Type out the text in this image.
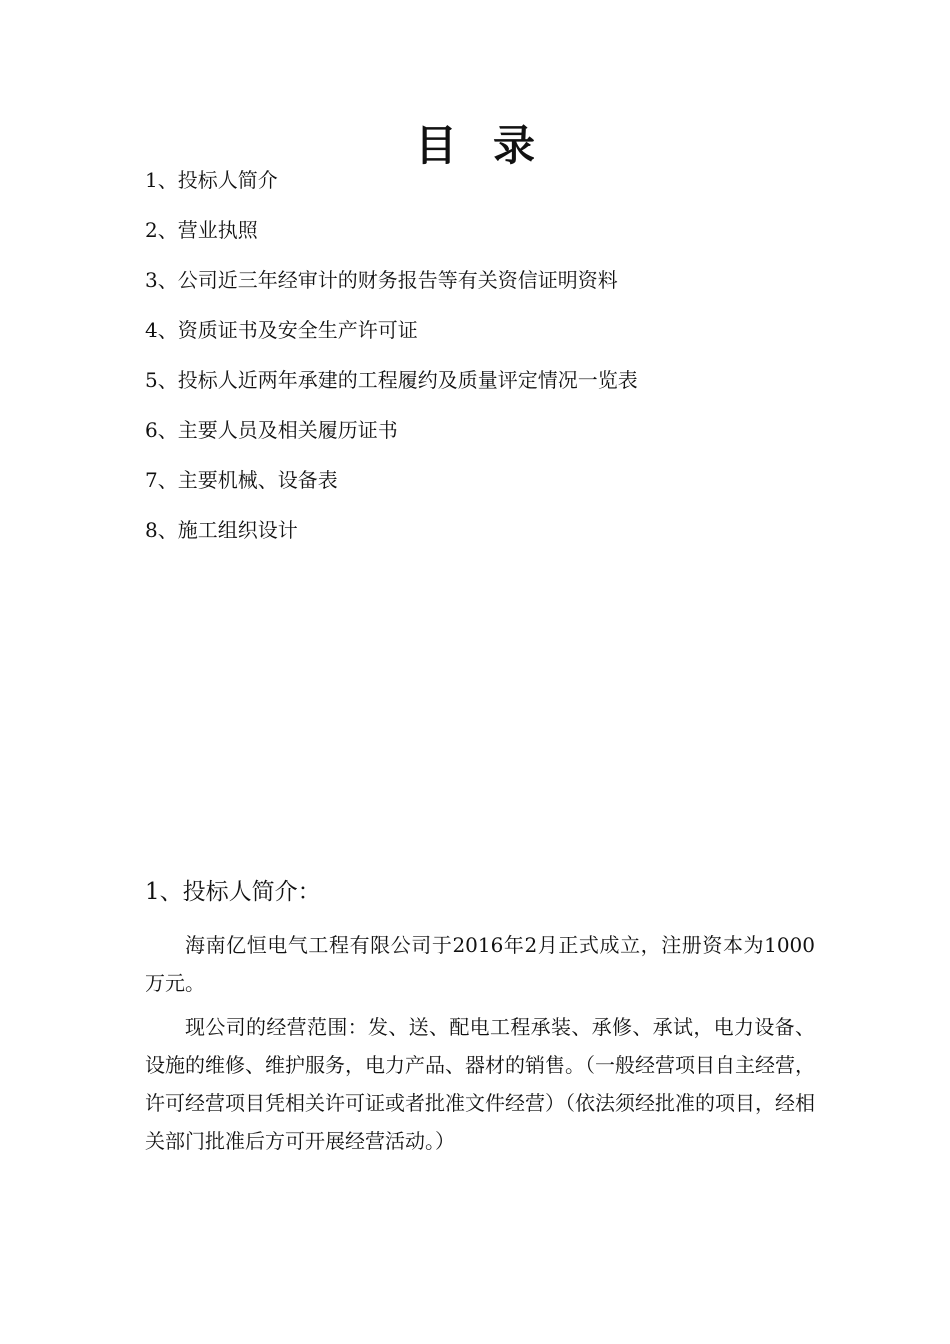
目录
1、投标人简介
2、营业执照
3、公司近三年经审计的财务报告等有关资信证明资料
4、资质证书及安全生产许可证
5、投标人近两年承建的工程履约及质量评定情况一览表
6、主要人员及相关履历证书
7、主要机械、设备表
8、施工组织设计
1、投标人简介：

海南亿恒电气工程有限公司于2016年2月正式成立，注册资本为1000万元。

现公司的经营范围：发、送、配电工程承装、承修、承试，电力设备、设施的维修、维护服务，电力产品、器材的销售。（一般经营项目自主经营，许可经营项目凭相关许可证或者批准文件经营）（依法须经批准的项目，经相关部门批准后方可开展经营活动。）
